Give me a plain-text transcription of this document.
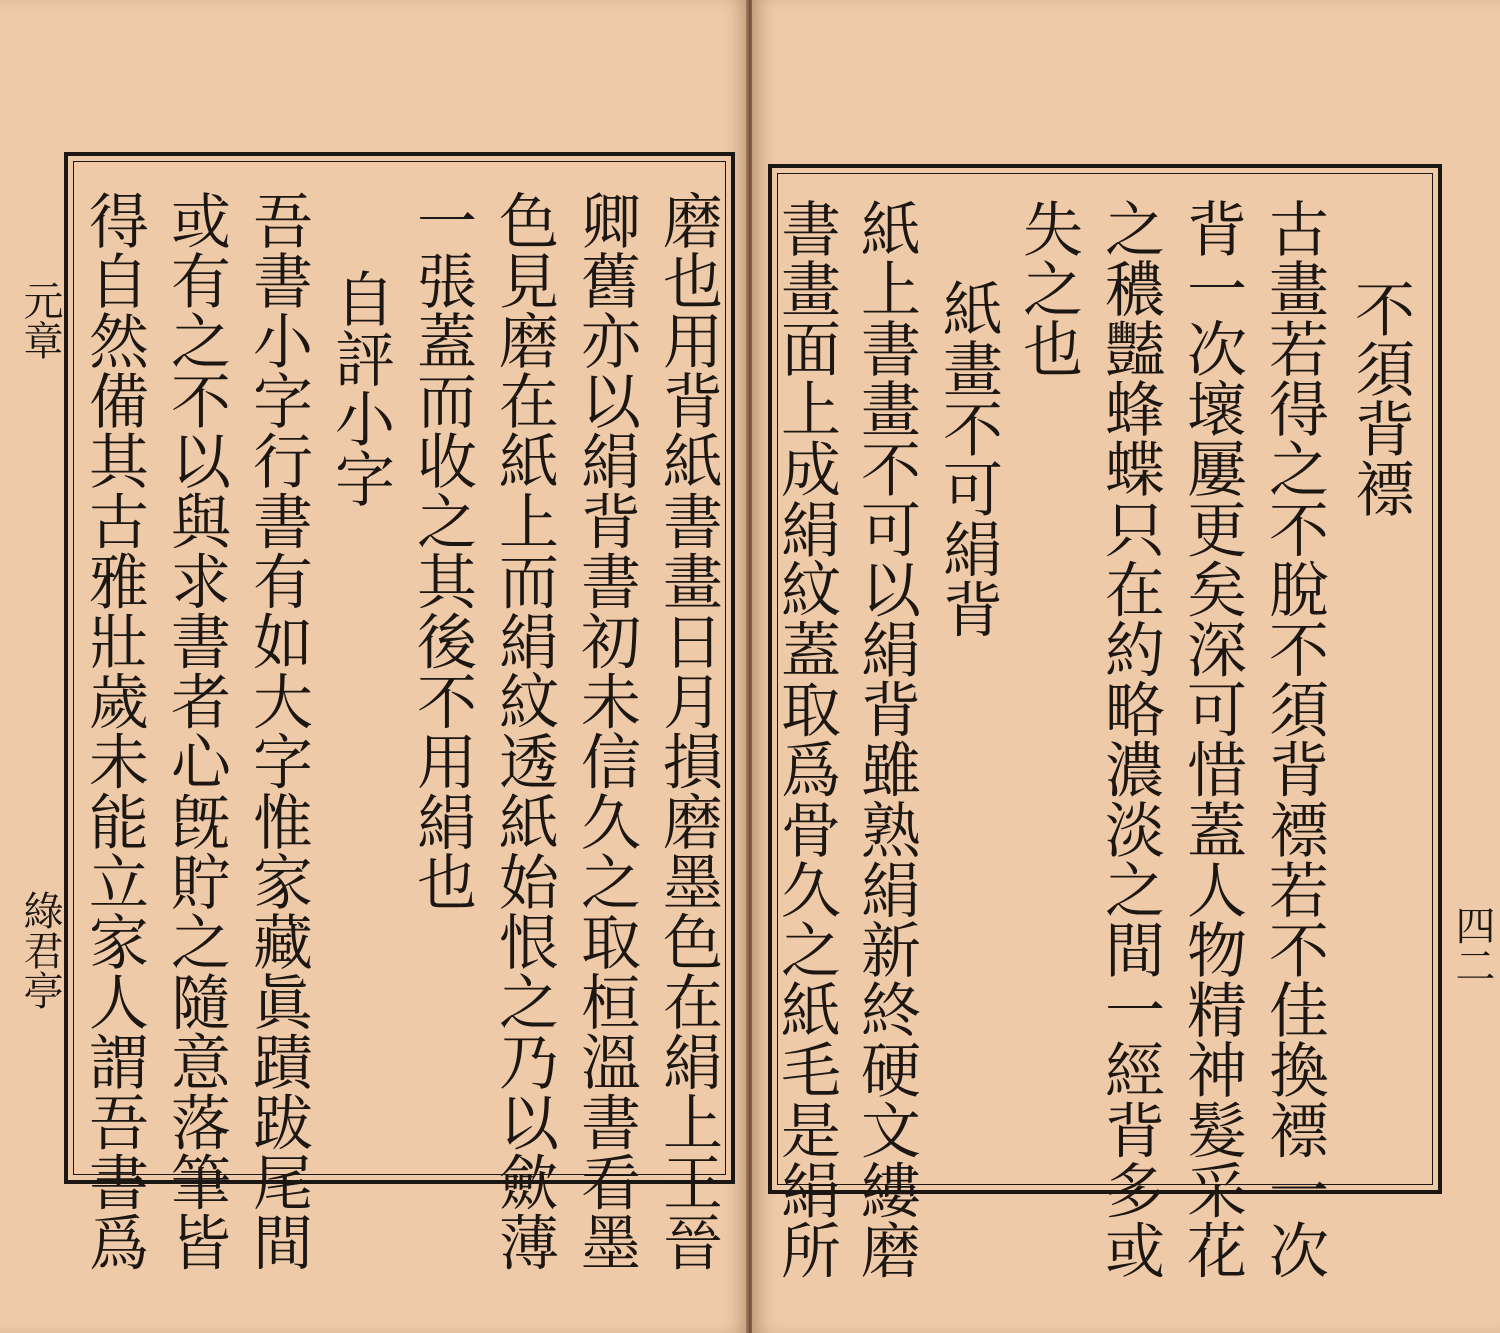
元章
綠君亭	磨也用背紙書畫日月損磨墨色在絹上王晉
卿舊亦以絹背書初未信久之取桓溫書看墨
色見磨在紙上而絹紋透紙始恨之乃以歛薄
一張蓋而收之其後不用絹也
自評小字
吾書小字行書有如大字惟家藏眞蹟跋尾間
或有之不以與求書者心旣貯之隨意落筆皆
得自然備其古雅壯歲未能立家人謂吾書爲	四二
不須背褾
古畫若得之不脫不須背褾若不佳換褾一次
背一次壞屢更矣深可惜蓋人物精神髮采花
之穠豔蜂蝶只在約略濃淡之間一經背多或
失之也
紙畫不可絹背
紙上書畫不可以絹背雖熟絹新終硬文縷磨
書畫面上成絹紋蓋取爲骨久之紙毛是絹所
